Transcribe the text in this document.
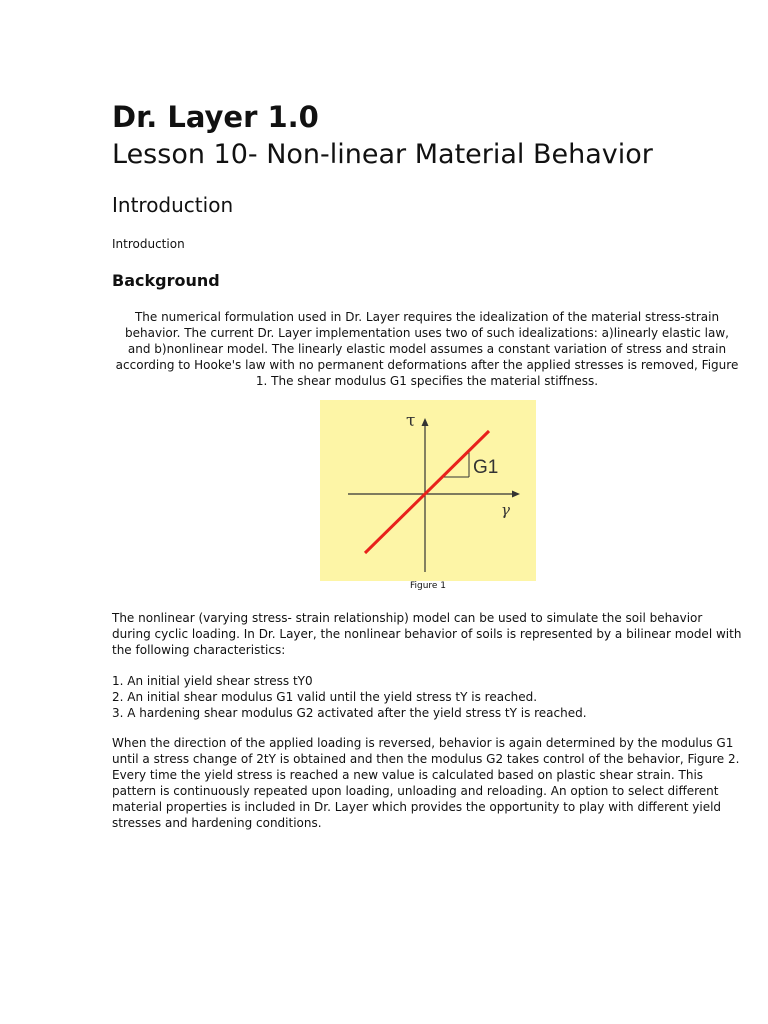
Dr. Layer 1.0
Lesson 10- Non-linear Material Behavior
Introduction

Introduction

Background

The numerical formulation used in Dr. Layer requires the idealization of the material stress-strain behavior. The current Dr. Layer implementation uses two of such idealizations: a)linearly elastic law, and b)nonlinear model. The linearly elastic model assumes a constant variation of stress and strain according to Hooke's law with no permanent deformations after the applied stresses is removed, Figure 1. The shear modulus G1 specifies the material stiffness.

τ
G1
γ

Figure 1

The nonlinear (varying stress- strain relationship) model can be used to simulate the soil behavior during cyclic loading. In Dr. Layer, the nonlinear behavior of soils is represented by a bilinear model with the following characteristics:

1. An initial yield shear stress tY0
2. An initial shear modulus G1 valid until the yield stress tY is reached.
3. A hardening shear modulus G2 activated after the yield stress tY is reached.

When the direction of the applied loading is reversed, behavior is again determined by the modulus G1 until a stress change of 2tY is obtained and then the modulus G2 takes control of the behavior, Figure 2. Every time the yield stress is reached a new value is calculated based on plastic shear strain. This pattern is continuously repeated upon loading, unloading and reloading. An option to select different material properties is included in Dr. Layer which provides the opportunity to play with different yield stresses and hardening conditions.
